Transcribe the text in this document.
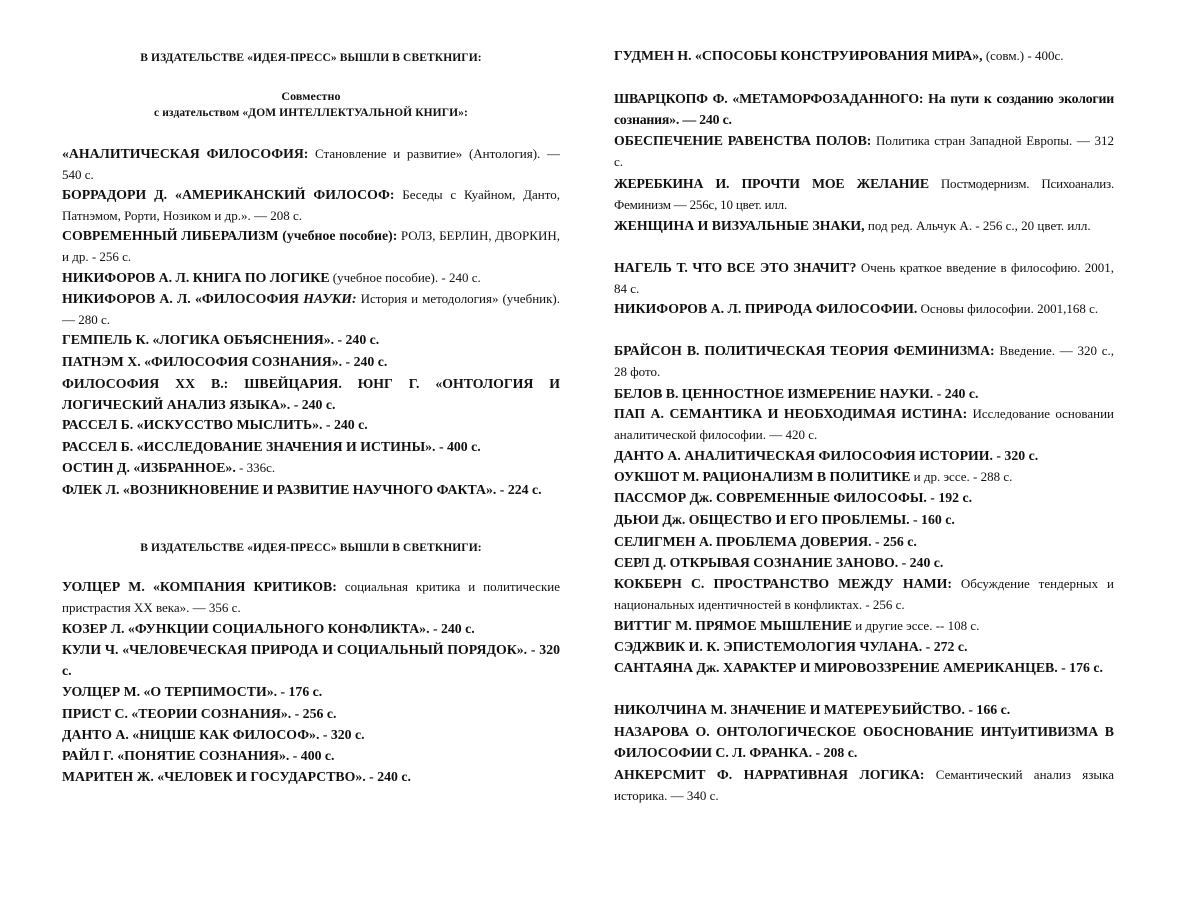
В ИЗДАТЕЛЬСТВЕ «ИДЕЯ-ПРЕСС» ВЫШЛИ В СВЕТКНИГИ:
Совместно
с издательством «ДОМ ИНТЕЛЛЕКТУАЛЬНОЙ КНИГИ»:
«АНАЛИТИЧЕСКАЯ ФИЛОСОФИЯ: Становление и развитие» (Антология). — 540 с.
БОРРАДОРИ Д. «АМЕРИКАНСКИЙ ФИЛОСОФ: Беседы с Куайном, Данто, Патнэмом, Рорти, Нозиком и др.». — 208 с.
СОВРЕМЕННЫЙ ЛИБЕРАЛИЗМ (учебное пособие): РОЛЗ, БЕРЛИН, ДВОРКИН, и др. - 256 с.
НИКИФОРОВ А. Л. КНИГА ПО ЛОГИКЕ (учебное пособие). - 240 с.
НИКИФОРОВ А. Л. «ФИЛОСОФИЯ НАУКИ: История и методология» (учебник). — 280 с.
ГЕМПЕЛЬ К. «ЛОГИКА ОБЪЯСНЕНИЯ». - 240 с.
ПАТНЭМ Х. «ФИЛОСОФИЯ СОЗНАНИЯ». - 240 с.
ФИЛОСОФИЯ XX В.: ШВЕЙЦАРИЯ. ЮНГ Г. «ОНТОЛОГИЯ И ЛОГИЧЕСКИЙ АНАЛИЗ ЯЗЫКА». - 240 с.
РАССЕЛ Б. «ИСКУССТВО МЫСЛИТЬ». - 240 с.
РАССЕЛ Б. «ИССЛЕДОВАНИЕ ЗНАЧЕНИЯ И ИСТИНЫ». - 400 с.
ОСТИН Д. «ИЗБРАННОЕ». - 336с.
ФЛЕК Л. «ВОЗНИКНОВЕНИЕ И РАЗВИТИЕ НАУЧНОГО ФАКТА». - 224 с.
В ИЗДАТЕЛЬСТВЕ «ИДЕЯ-ПРЕСС» ВЫШЛИ В СВЕТКНИГИ:
УОЛЦЕР М. «КОМПАНИЯ КРИТИКОВ: социальная критика и политические пристрастия XX века». — 356 с.
КОЗЕР Л. «ФУНКЦИИ СОЦИАЛЬНОГО КОНФЛИКТА». - 240 с.
КУЛИ Ч. «ЧЕЛОВЕЧЕСКАЯ ПРИРОДА И СОЦИАЛЬНЫЙ ПОРЯДОК». - 320 с.
УОЛЦЕР М. «О ТЕРПИМОСТИ». - 176 с.
ПРИСТ С. «ТЕОРИИ СОЗНАНИЯ». - 256 с.
ДАНТО А. «НИЦШЕ КАК ФИЛОСОФ». - 320 с.
РАЙЛ Г. «ПОНЯТИЕ СОЗНАНИЯ». - 400 с.
МАРИТЕН Ж. «ЧЕЛОВЕК И ГОСУДАРСТВО». - 240 с.
ГУДМЕН Н. «СПОСОБЫ КОНСТРУИРОВАНИЯ МИРА», (совм.) - 400с.
ШВАРЦКОПФ Ф. «МЕТАМОРФОЗАДАННОГО: На пути к созданию экологии сознания». — 240 с.
ОБЕСПЕЧЕНИЕ РАВЕНСТВА ПОЛОВ: Политика стран Западной Европы. — 312 с.
ЖЕРЕБКИНА И. ПРОЧТИ МОЕ ЖЕЛАНИЕ Постмодернизм. Психоанализ. Феминизм — 256с, 10 цвет. илл.
ЖЕНЩИНА И ВИЗУАЛЬНЫЕ ЗНАКИ, под ред. Альчук А. - 256 с., 20 цвет. илл.
НАГЕЛЬ Т. ЧТО ВСЕ ЭТО ЗНАЧИТ? Очень краткое введение в философию. 2001, 84 с.
НИКИФОРОВ А. Л. ПРИРОДА ФИЛОСОФИИ. Основы философии. 2001,168 с.
БРАЙСОН В. ПОЛИТИЧЕСКАЯ ТЕОРИЯ ФЕМИНИЗМА: Введение. — 320 с., 28 фото.
БЕЛОВ В. ЦЕННОСТНОЕ ИЗМЕРЕНИЕ НАУКИ. - 240 с.
ПАП А. СЕМАНТИКА И НЕОБХОДИМАЯ ИСТИНА: Исследование основании аналитической философии. — 420 с.
ДАНТО А. АНАЛИТИЧЕСКАЯ ФИЛОСОФИЯ ИСТОРИИ. - 320 с.
ОУКШОТ М. РАЦИОНАЛИЗМ В ПОЛИТИКЕ и др. эссе. - 288 с.
ПАССМОР Дж. СОВРЕМЕННЫЕ ФИЛОСОФЫ. - 192 с.
ДЬЮИ Дж. ОБЩЕСТВО И ЕГО ПРОБЛЕМЫ. - 160 с.
СЕЛИГМЕН А. ПРОБЛЕМА ДОВЕРИЯ. - 256 с.
СЕРЛ Д. ОТКРЫВАЯ СОЗНАНИЕ ЗАНОВО. - 240 с.
КОКБЕРН С. ПРОСТРАНСТВО МЕЖДУ НАМИ: Обсуждение тендерных и национальных идентичностей в конфликтах. - 256 с.
ВИТТИГ М. ПРЯМОЕ МЫШЛЕНИЕ и другие эссе. -- 108 с.
СЭДЖВИК И. К. ЭПИСТЕМОЛОГИЯ ЧУЛАНА. - 272 с.
САНТАЯНА Дж. ХАРАКТЕР И МИРОВОЗЗРЕНИЕ АМЕРИКАНЦЕВ. - 176 с.
НИКОЛЧИНА М. ЗНАЧЕНИЕ И МАТЕРЕУБИЙСТВО. - 166 с.
НАЗАРОВА О. ОНТОЛОГИЧЕСКОЕ ОБОСНОВАНИЕ ИНТуИТИВИЗМА В ФИЛОСОФИИ С. Л. ФРАНКА. - 208 с.
АНКЕРСМИТ Ф. НАРРАТИВНАЯ ЛОГИКА: Семантический анализ языка историка. — 340 с.
